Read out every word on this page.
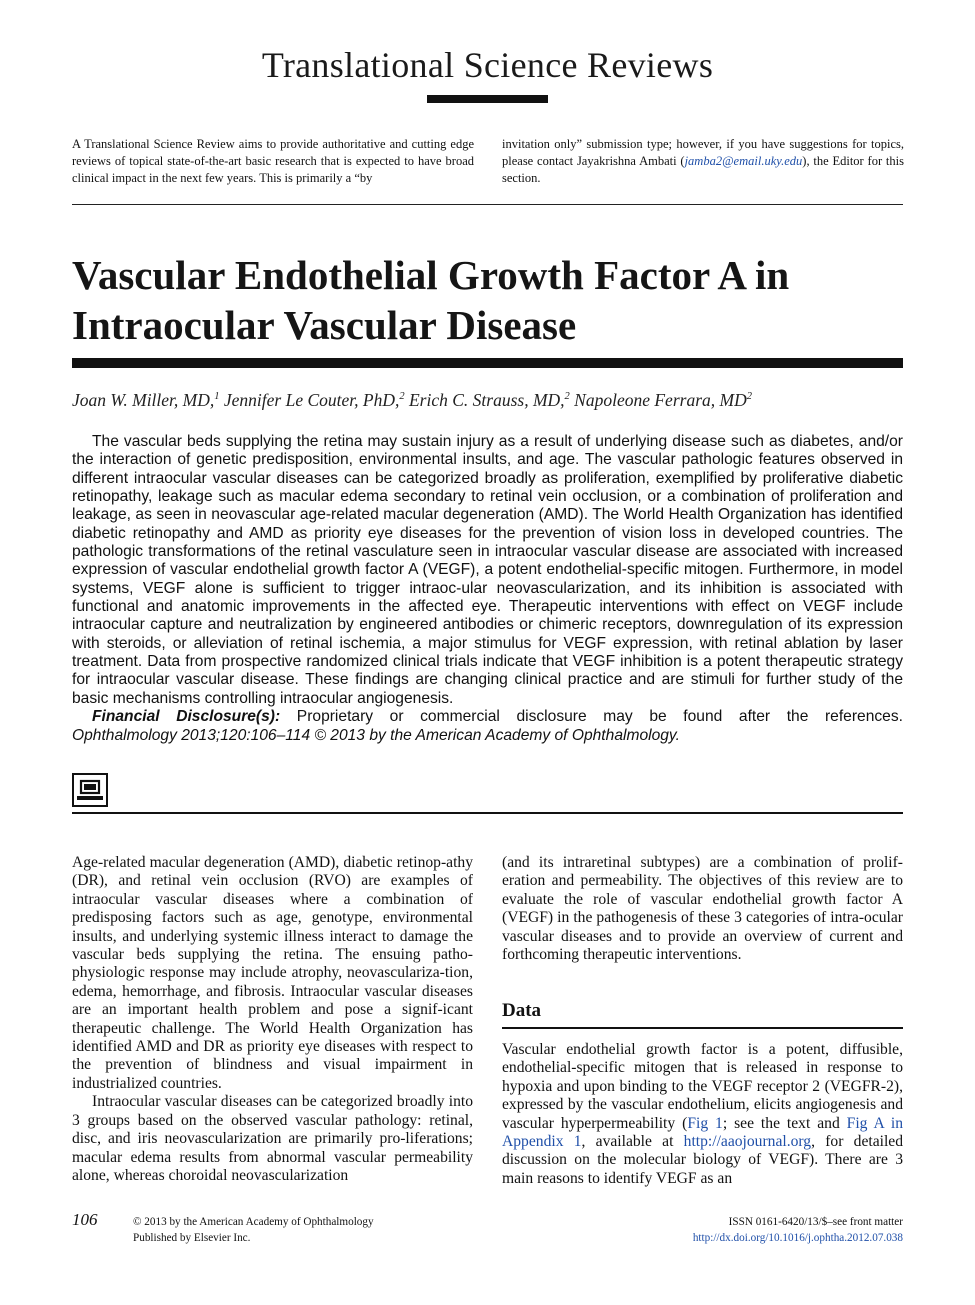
Translational Science Reviews
A Translational Science Review aims to provide authoritative and cutting edge reviews of topical state-of-the-art basic research that is expected to have broad clinical impact in the next few years. This is primarily a “by
invitation only” submission type; however, if you have suggestions for topics, please contact Jayakrishna Ambati (jamba2@email.uky.edu), the Editor for this section.
Vascular Endothelial Growth Factor A in Intraocular Vascular Disease
Joan W. Miller, MD,$^1$ Jennifer Le Couter, PhD,$^2$ Erich C. Strauss, MD,$^2$ Napoleone Ferrara, $MD^2$
The vascular beds supplying the retina may sustain injury as a result of underlying disease such as diabetes, and/or the interaction of genetic predisposition, environmental insults, and age. The vascular pathologic features observed in different intraocular vascular diseases can be categorized broadly as proliferation, exemplified by proliferative diabetic retinopathy, leakage such as macular edema secondary to retinal vein occlusion, or a combination of proliferation and leakage, as seen in neovascular age-related macular degeneration (AMD). The World Health Organization has identified diabetic retinopathy and AMD as priority eye diseases for the prevention of vision loss in developed countries. The pathologic transformations of the retinal vasculature seen in intraocular vascular disease are associated with increased expression of vascular endothelial growth factor A (VEGF), a potent endothelial-specific mitogen. Furthermore, in model systems, VEGF alone is sufficient to trigger intraoc-ular neovascularization, and its inhibition is associated with functional and anatomic improvements in the affected eye. Therapeutic interventions with effect on VEGF include intraocular capture and neutralization by engineered antibodies or chimeric receptors, downregulation of its expression with steroids, or alleviation of retinal ischemia, a major stimulus for VEGF expression, with retinal ablation by laser treatment. Data from prospective randomized clinical trials indicate that VEGF inhibition is a potent therapeutic strategy for intraocular vascular disease. These findings are changing clinical practice and are stimuli for further study of the basic mechanisms controlling intraocular angiogenesis.
Financial Disclosure(s): Proprietary or commercial disclosure may be found after the references.
Ophthalmology 2013;120:106–114 © 2013 by the American Academy of Ophthalmology.

Age-related macular degeneration (AMD), diabetic retinop-athy (DR), and retinal vein occlusion (RVO) are examples of intraocular vascular diseases where a combination of predisposing factors such as age, genotype, environmental insults, and underlying systemic illness interact to damage the vascular beds supplying the retina. The ensuing patho-physiologic response may include atrophy, neovasculariza-tion, edema, hemorrhage, and fibrosis. Intraocular vascular diseases are an important health problem and pose a signif-icant therapeutic challenge. The World Health Organization has identified AMD and DR as priority eye diseases with respect to the prevention of blindness and visual impairment in industrialized countries.

Intraocular vascular diseases can be categorized broadly into 3 groups based on the observed vascular pathology: retinal, disc, and iris neovascularization are primarily pro-liferations; macular edema results from abnormal vascular permeability alone, whereas choroidal neovascularization

(and its intraretinal subtypes) are a combination of prolif-eration and permeability. The objectives of this review are to evaluate the role of vascular endothelial growth factor A (VEGF) in the pathogenesis of these 3 categories of intra-ocular vascular diseases and to provide an overview of current and forthcoming therapeutic interventions.

Data

Vascular endothelial growth factor is a potent, diffusible, endothelial-specific mitogen that is released in response to hypoxia and upon binding to the VEGF receptor 2 (VEGFR-2), expressed by the vascular endothelium, elicits angiogenesis and vascular hyperpermeability (Fig 1; see the text and Fig A in Appendix 1, available at http://aaojournal.org, for detailed discussion on the molecular biology of VEGF). There are 3 main reasons to identify VEGF as an

106	© 2013 by the American Academy of Ophthalmology
Published by Elsevier Inc.
ISSN 0161-6420/13/$–see front matter
http://dx.doi.org/10.1016/j.ophtha.2012.07.038
